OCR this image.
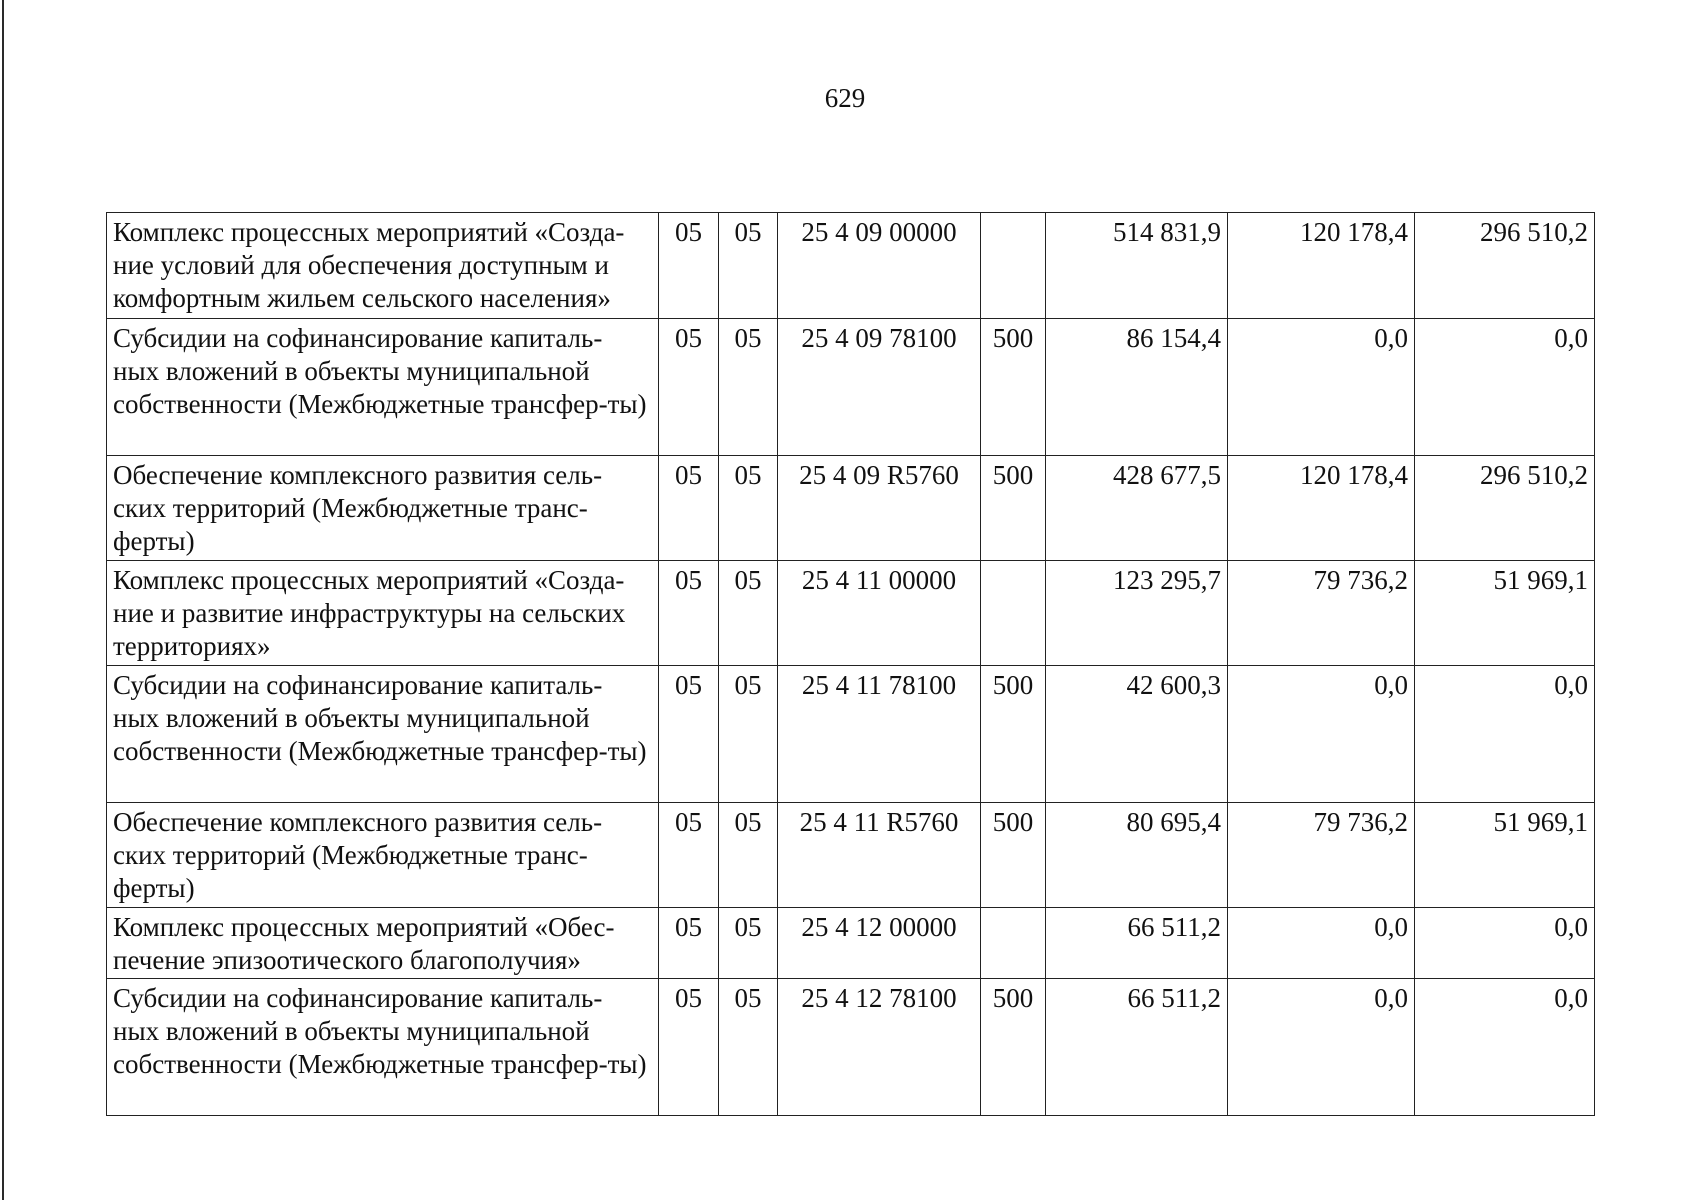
629
Комплекс процессных мероприятий «Созда-ние условий для обеспечения доступным и комфортным жильем сельского населения»	05	05	25 4 09 00000		514 831,9	120 178,4	296 510,2
Субсидии на софинансирование капиталь-ных вложений в объекты муниципальной собственности (Межбюджетные трансфер-ты)	05	05	25 4 09 78100	500	86 154,4	0,0	0,0
Обеспечение комплексного развития сель-ских территорий (Межбюджетные транс-ферты)	05	05	25 4 09 R5760	500	428 677,5	120 178,4	296 510,2
Комплекс процессных мероприятий «Созда-ние и развитие инфраструктуры на сельских территориях»	05	05	25 4 11 00000		123 295,7	79 736,2	51 969,1
Субсидии на софинансирование капиталь-ных вложений в объекты муниципальной собственности (Межбюджетные трансфер-ты)	05	05	25 4 11 78100	500	42 600,3	0,0	0,0
Обеспечение комплексного развития сель-ских территорий (Межбюджетные транс-ферты)	05	05	25 4 11 R5760	500	80 695,4	79 736,2	51 969,1
Комплекс процессных мероприятий «Обес-печение эпизоотического благополучия»	05	05	25 4 12 00000		66 511,2	0,0	0,0
Субсидии на софинансирование капиталь-ных вложений в объекты муниципальной собственности (Межбюджетные трансфер-ты)	05	05	25 4 12 78100	500	66 511,2	0,0	0,0
